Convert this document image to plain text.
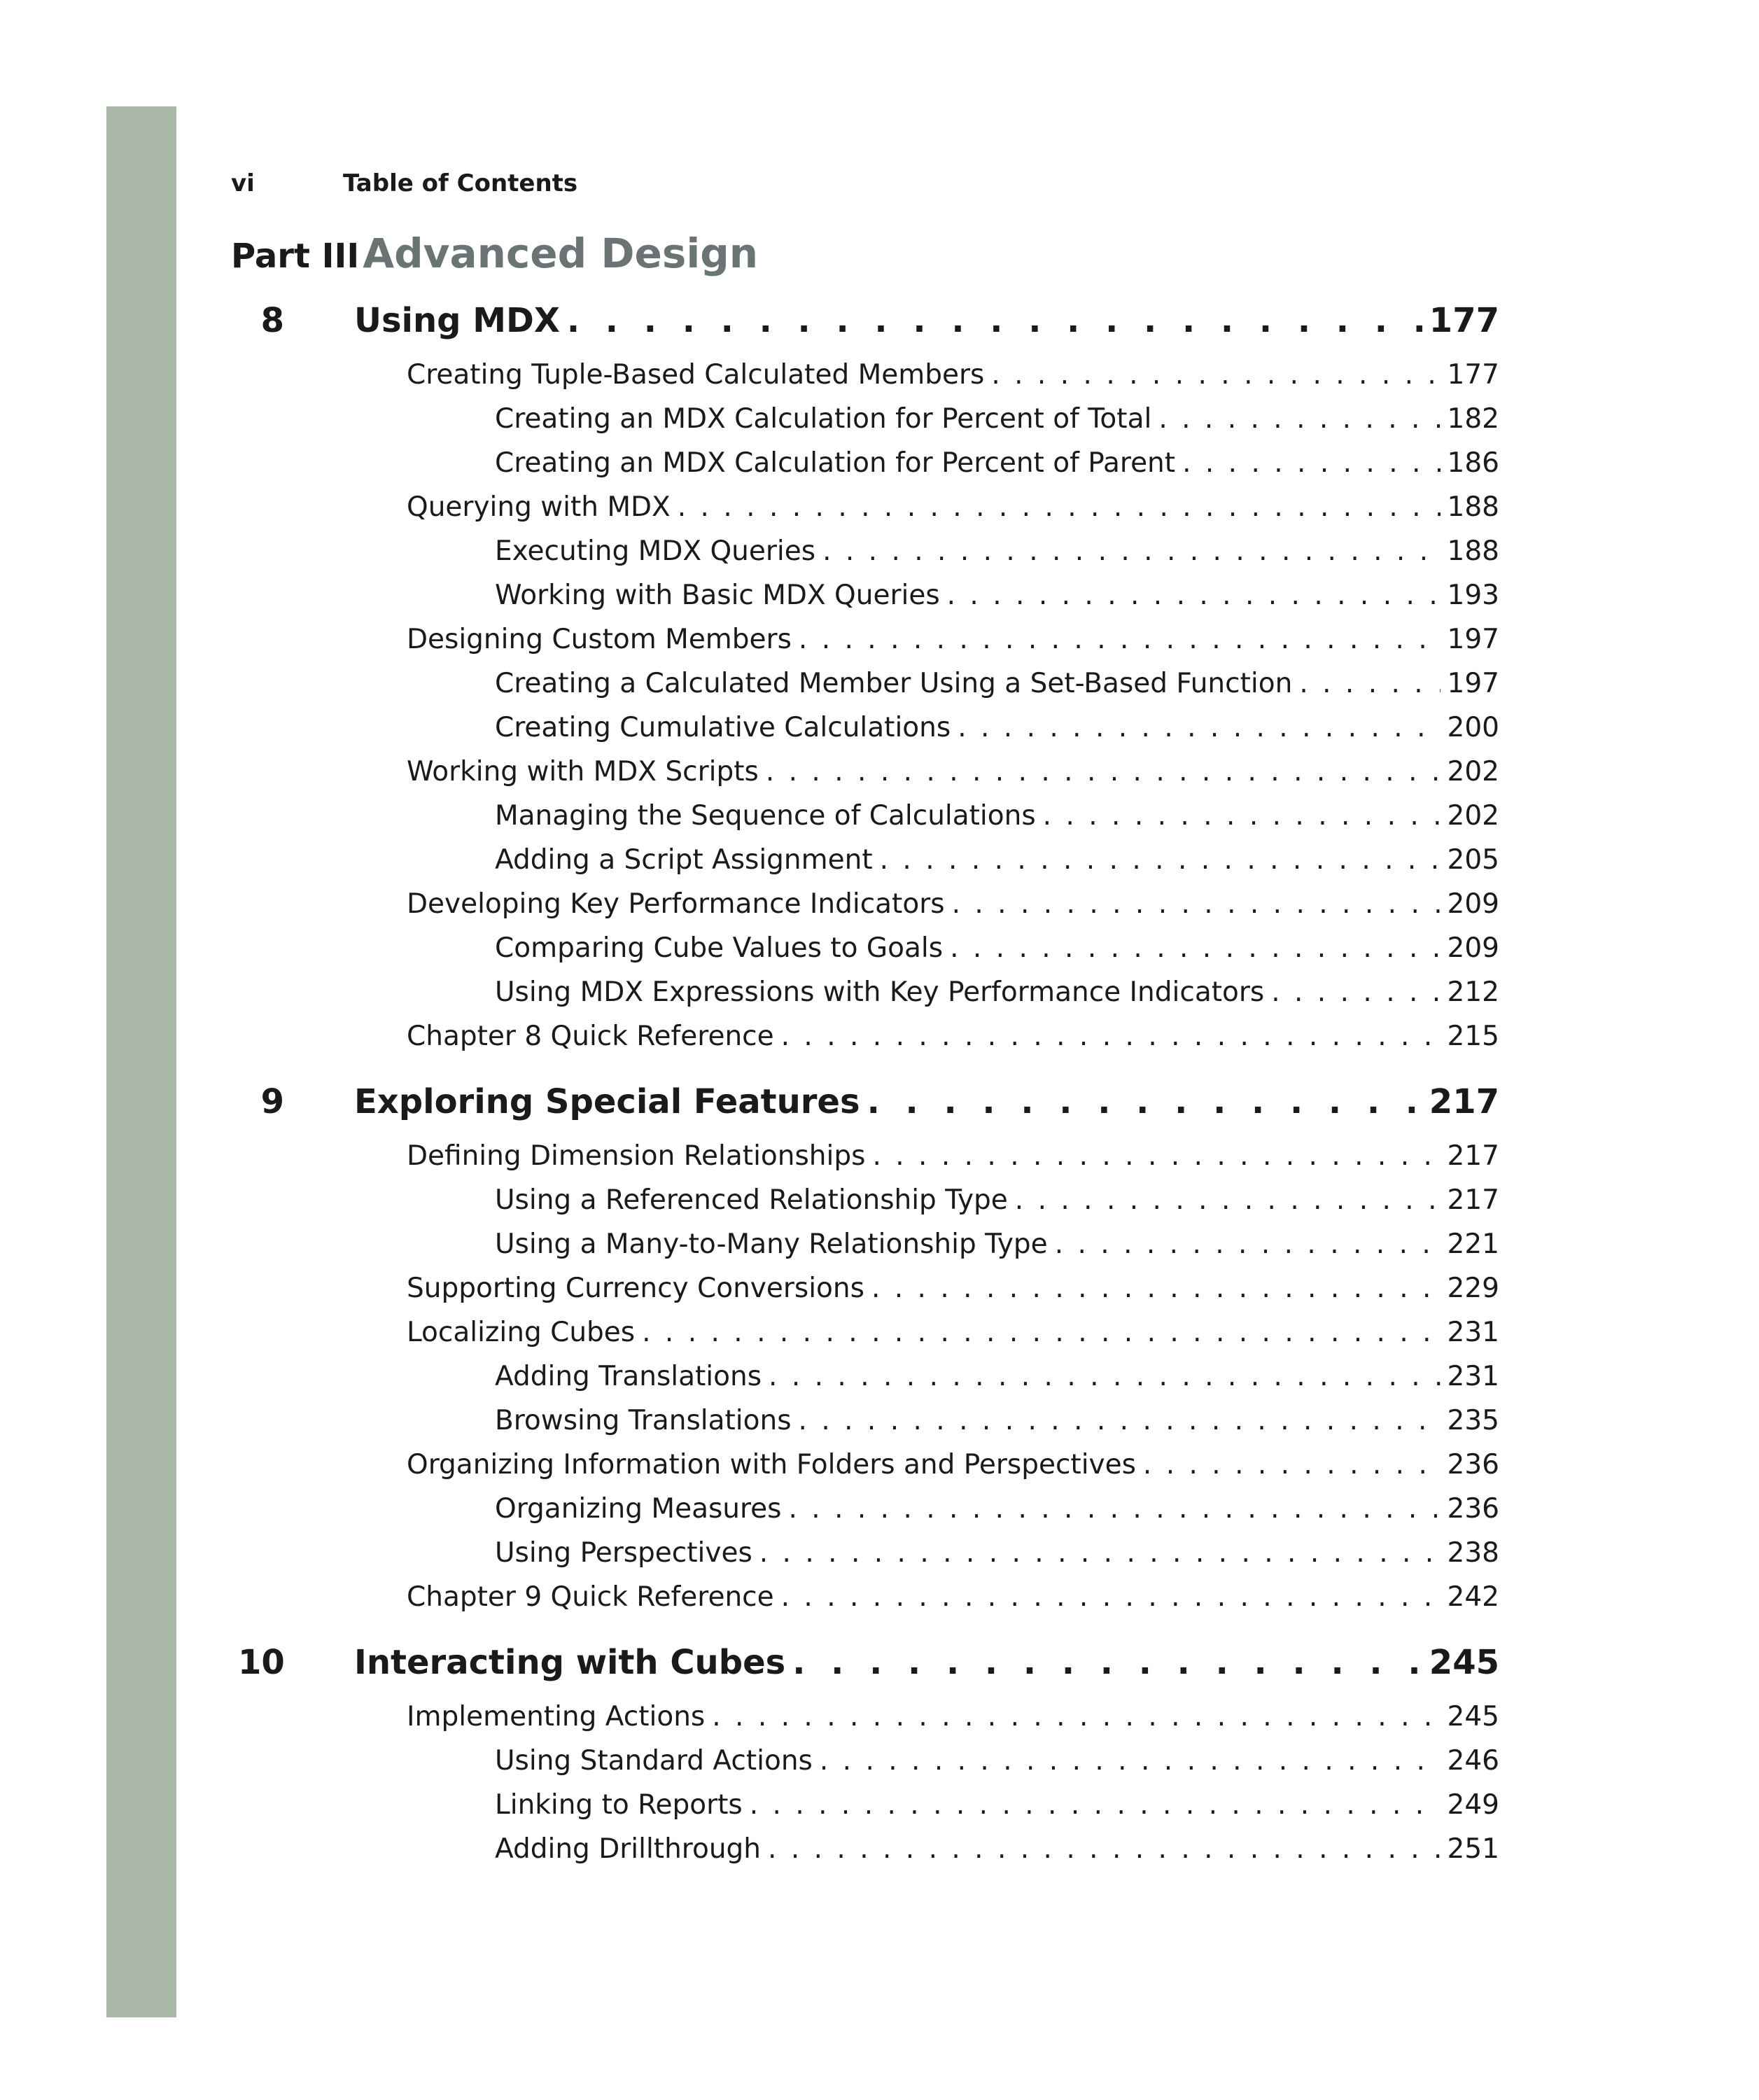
vi	Table of Contents
Part III Advanced Design
8 Using MDX . . .	177
Creating Tuple-Based Calculated Members . . .	177
Creating an MDX Calculation for Percent of Total . . .	182
Creating an MDX Calculation for Percent of Parent . . .	186
Querying with MDX . . .	188
Executing MDX Queries . . .	188
Working with Basic MDX Queries . . .	193
Designing Custom Members . . .	197
Creating a Calculated Member Using a Set-Based Function . . .	197
Creating Cumulative Calculations . . .	200
Working with MDX Scripts . . .	202
Managing the Sequence of Calculations . . .	202
Adding a Script Assignment . . .	205
Developing Key Performance Indicators . . .	209
Comparing Cube Values to Goals . . .	209
Using MDX Expressions with Key Performance Indicators . . .	212
Chapter 8 Quick Reference . . .	215
9 Exploring Special Features . . .	217
Defining Dimension Relationships . . .	217
Using a Referenced Relationship Type . . .	217
Using a Many-to-Many Relationship Type . . .	221
Supporting Currency Conversions . . .	229
Localizing Cubes . . .	231
Adding Translations . . .	231
Browsing Translations . . .	235
Organizing Information with Folders and Perspectives . . .	236
Organizing Measures . . .	236
Using Perspectives . . .	238
Chapter 9 Quick Reference . . .	242
10 Interacting with Cubes . . .	245
Implementing Actions . . .	245
Using Standard Actions . . .	246
Linking to Reports . . .	249
Adding Drillthrough . . .	251
